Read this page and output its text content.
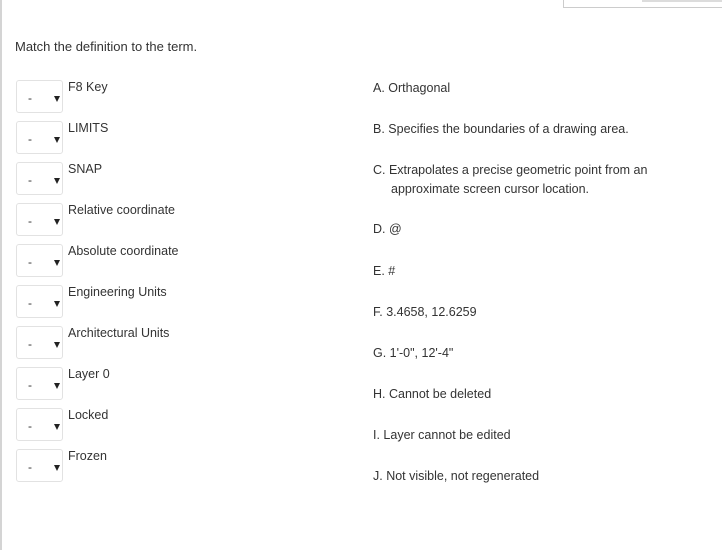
Match the definition to the term.
-
F8 Key
-
LIMITS
-
SNAP
-
Relative coordinate
-
Absolute coordinate
-
Engineering Units
-
Architectural Units
-
Layer 0
-
Locked
-
Frozen
A. Orthagonal
B. Specifies the boundaries of a drawing area.
C. Extrapolates a precise geometric point from an
approximate screen cursor location.
D. @
E. #
F. 3.4658, 12.6259
G. 1'-0", 12'-4"
H. Cannot be deleted
I. Layer cannot be edited
J. Not visible, not regenerated
